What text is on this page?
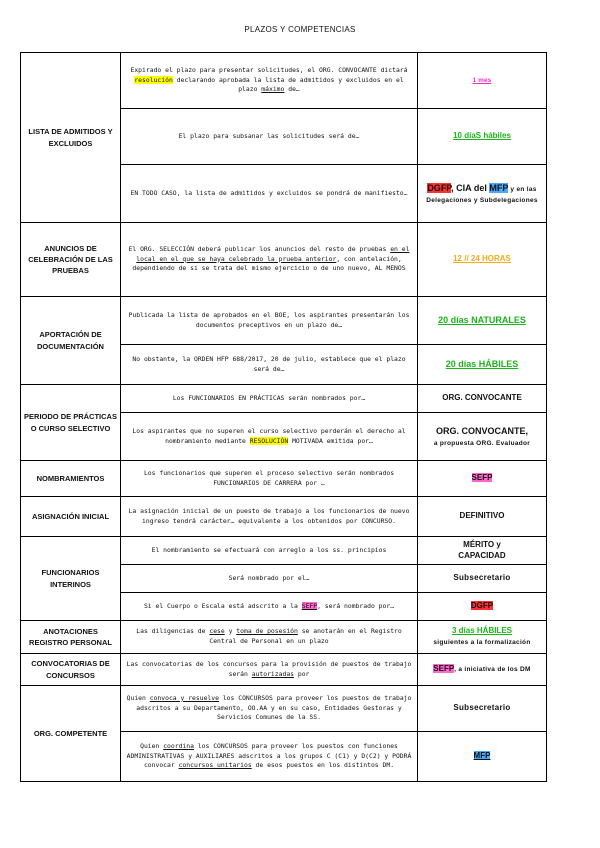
PLAZOS Y COMPETENCIAS
LISTA DE ADMITIDOS Y EXCLUIDOS	Expirado el plazo para presentar solicitudes, el ORG. CONVOCANTE dictará resolución declarando aprobada la lista de admitidos y excluidos en el plazo máximo de…	1 mes
	El plazo para subsanar las solicitudes será de…	10 díaS hábiles
	EN TODO CASO, la lista de admitidos y excluidos se pondrá de manifiesto…	DGFP, CIA del MFP y en las Delegaciones y Subdelegaciones
ANUNCIOS DE CELEBRACIÓN DE LAS PRUEBAS	El ORG. SELECCIÓN deberá publicar los anuncios del resto de pruebas en el local en el que se haya celebrado la prueba anterior, con antelación, dependiendo de si se trata del mismo ejercicio o de uno nuevo, AL MENOS	12 // 24 HORAS
APORTACIÓN DE DOCUMENTACIÓN	Publicada la lista de aprobados en el BOE, los aspirantes presentarán los documentos preceptivos en un plazo de…	20 días NATURALES
	No obstante, la ORDEN HFP 688/2017, 20 de julio, establece que el plazo será de…	20 días HÁBILES
PERIODO DE PRÁCTICAS O CURSO SELECTIVO	Los FUNCIONARIOS EN PRÁCTICAS serán nombrados por…	ORG. CONVOCANTE
	Los aspirantes que no superen el curso selectivo perderán el derecho al nombramiento mediante RESOLUCIÓN MOTIVADA emitida por…	ORG. CONVOCANTE,
a propuesta ORG. Evaluador
NOMBRAMIENTOS	Los funcionarios que superen el proceso selectivo serán nombrados FUNCIONARIOS DE CARRERA por …	SEFP
ASIGNACIÓN INICIAL	La asignación inicial de un puesto de trabajo a los funcionarios de nuevo ingreso tendrá carácter… equivalente a los obtenidos por CONCURSO.	DEFINITIVO
FUNCIONARIOS INTERINOS	El nombramiento se efectuará con arreglo a los ss. principios	MÉRITO y
CAPACIDAD
	Será nombrado por el…	Subsecretario
	Si el Cuerpo o Escala está adscrito a la SEFP, será nombrado por…	DGFP
ANOTACIONES REGISTRO PERSONAL	Las diligencias de cese y toma de posesión se anotarán en el Registro Central de Personal en un plazo	3 días HÁBILES
siguientes a la formalización
CONVOCATORIAS DE CONCURSOS	Las convocatorias de los concursos para la provisión de puestos de trabajo serán autorizadas por	SEFP, a iniciativa de los DM
ORG. COMPETENTE	Quien convoca y resuelve los CONCURSOS para proveer los puestos de trabajo adscritos a su Departamento, OO.AA y en su caso, Entidades Gestoras y Servicios Comunes de la SS.	Subsecretario
	Quien coordina los CONCURSOS para proveer los puestos con funciones ADMINISTRATIVAS y AUXILIARES adscritos a los grupos C (C1) y D(C2) y PODRÁ convocar concursos unitarios de esos puestos en los distintos DM.	MFP
